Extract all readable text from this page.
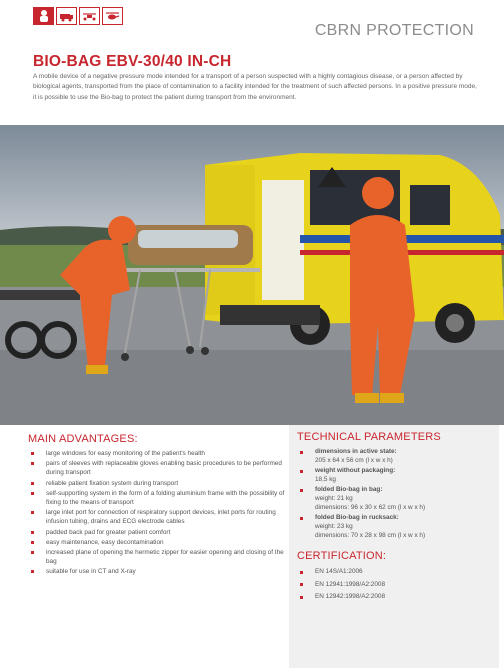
CBRN PROTECTION
BIO-BAG EBV-30/40 IN-CH

A mobile device of a negative pressure mode intended for a transport of a person suspected with a highly contagious disease, or a person affected by biological agents, transported from the place of contamination to a facility intended for the treatment of such affected persons. In a positive pressure mode, it is possible to use the Bio-bag to protect the patient during transport from the environment.

MAIN ADVANTAGES:
large windows for easy monitoring of the patient's health
pairs of sleeves with replaceable gloves enabling basic procedures to be performed during transport
reliable patient fixation system during transport
self-supporting system in the form of a folding aluminium frame with the possibility of fixing to the means of transport
large inlet port for connection of respiratory support devices, inlet ports for routing infusion tubing, drains and ECG electrode cables
padded back pad for greater patient comfort
easy maintenance, easy decontamination
increased plane of opening the hermetic zipper for easier opening and closing of the bag
suitable for use in CT and X-ray
TECHNICAL PARAMETERS
dimensions in active state:
205 x 64 x 56 cm (l x w x h)
weight without packaging:
18,5 kg
folded Bio-bag in bag:
weight: 21 kg
dimensions: 96 x 30 x 62 cm (l x w x h)
folded Bio-bag in rucksack:
weight: 23 kg
dimensions: 70 x 28 x 98 cm (l x w x h)
CERTIFICATION:
EN 14S/A1:2006
EN 12941:1998/A2:2008
EN 12942:1998/A2:2008
